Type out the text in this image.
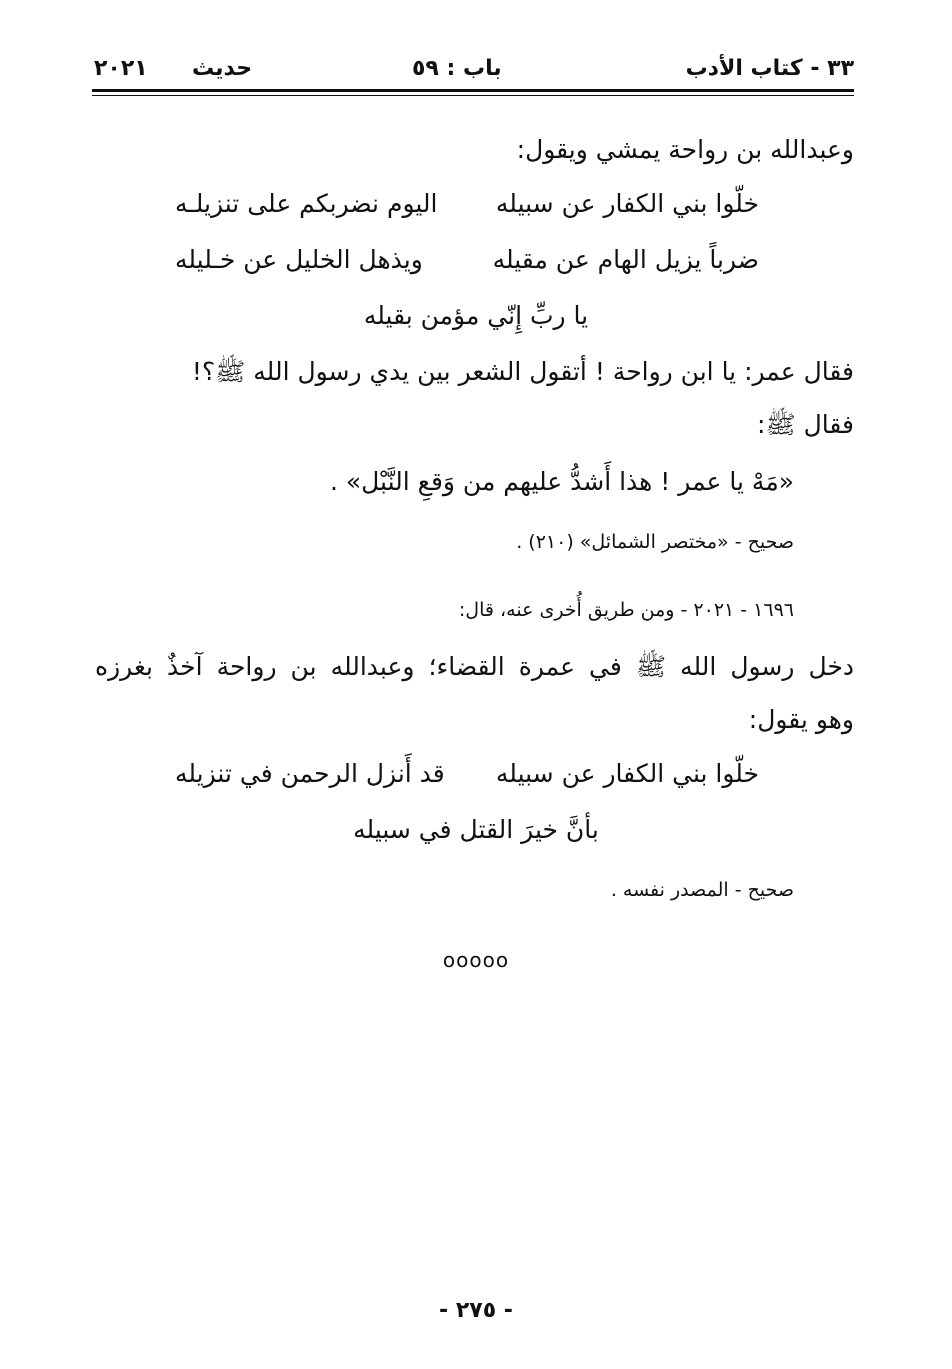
٣٣ - كتاب الأدب
باب : ٥٩
حديث
٢٠٢١
وعبدالله بن رواحة يمشي ويقول:
خلّوا بني الكفار عن سبيله
اليوم نضربكم على تنزيلـه
ضرباً يزيل الهام عن مقيله
ويذهل الخليل عن خـليله
يا ربِّ إِنّي مؤمن بقيله
فقال عمر: يا ابن رواحة ! أتقول الشعر بين يدي رسول الله ﷺ؟!
فقال ﷺ:
«مَهْ يا عمر ! هذا أَشدُّ عليهم من وَقعِ النَّبْل» .
صحيح - «مختصر الشمائل» (٢١٠) .
١٦٩٦ - ٢٠٢١ - ومن طريق أُخرى عنه، قال:
دخل رسول الله ﷺ في عمرة القضاء؛ وعبدالله بن رواحة آخذٌ بغرزه
وهو يقول:
خلّوا بني الكفار عن سبيله
قد أَنزل الرحمن في تنزيله
بأنَّ خيرَ القتل في سبيله
صحيح - المصدر نفسه .
ooooo
- ٢٧٥ -
